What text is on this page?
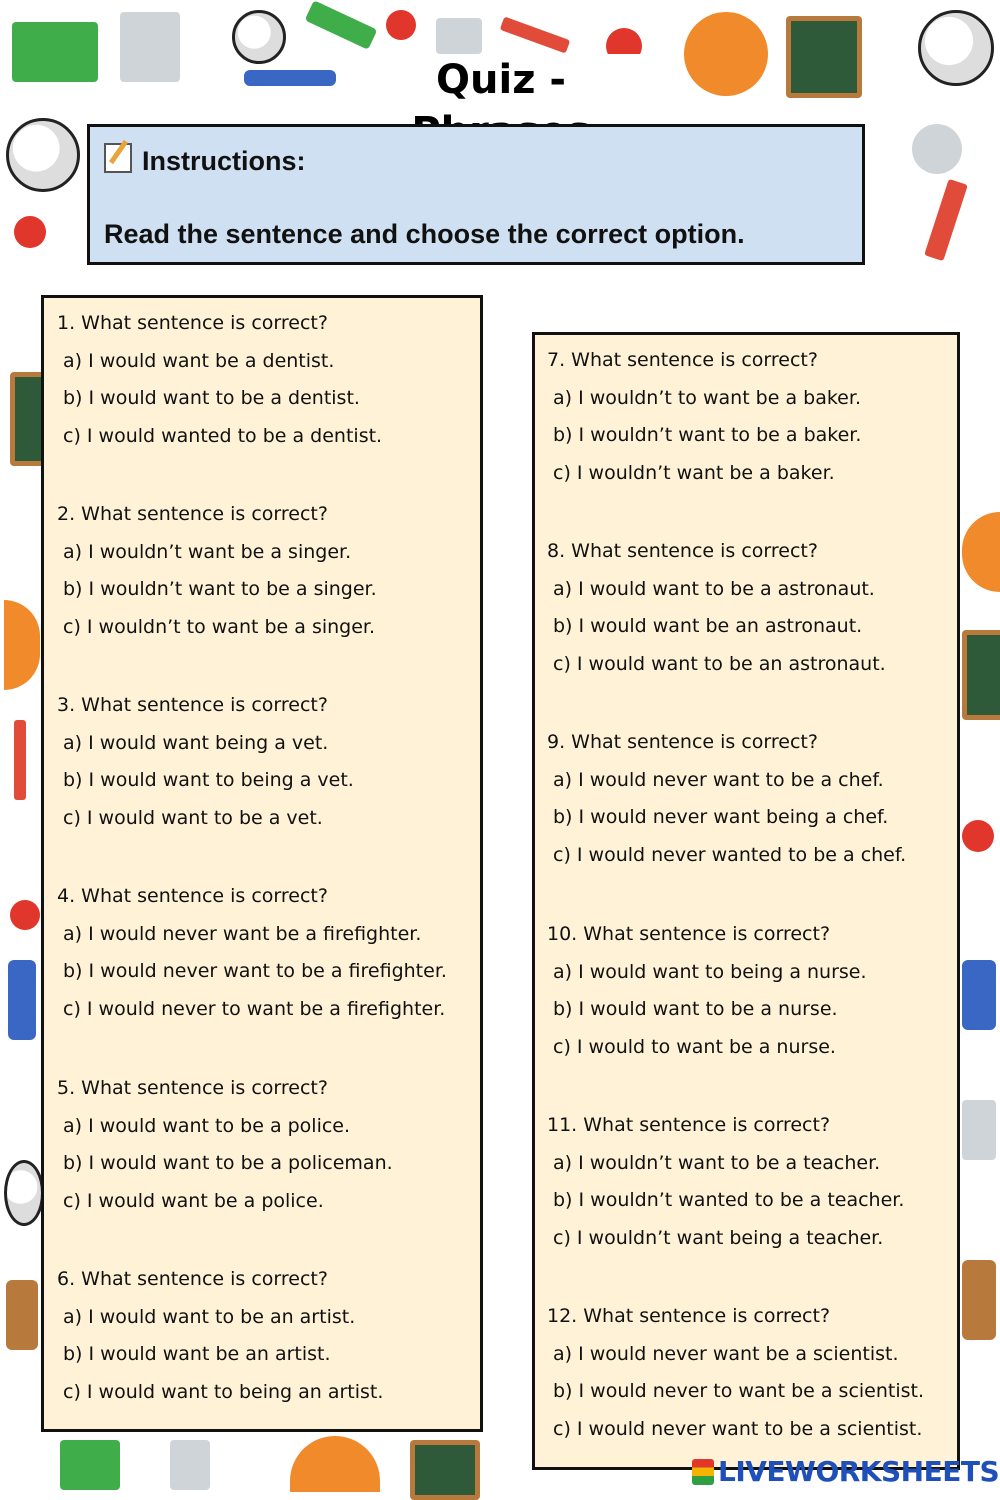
Quiz -
Instructions:
Read the sentence and choose the correct option.
1. What sentence is correct?
a) I would want be a dentist.
b) I would want to be a dentist.
c) I would wanted to be a dentist.
2. What sentence is correct?
a) I wouldn’t want be a singer.
b) I wouldn’t want to be a singer.
c) I wouldn’t to want be a singer.
3. What sentence is correct?
a) I would want being a vet.
b) I would want to being a vet.
c) I would want to be a vet.
4. What sentence is correct?
a) I would never want be a firefighter.
b) I would never want to be a firefighter.
c) I would never to want be a firefighter.
5. What sentence is correct?
a) I would want to be a police.
b) I would want to be a policeman.
c) I would want be a police.
6. What sentence is correct?
a) I would want to be an artist.
b) I would want be an artist.
c) I would want to being an artist.
7. What sentence is correct?
a) I wouldn’t to want be a baker.
b) I wouldn’t want to be a baker.
c) I wouldn’t want be a baker.
8. What sentence is correct?
a) I would want to be a astronaut.
b) I would want be an astronaut.
c) I would want to be an astronaut.
9. What sentence is correct?
a) I would never want to be a chef.
b) I would never want being a chef.
c) I would never wanted to be a chef.
10. What sentence is correct?
a) I would want to being a nurse.
b) I would want to be a nurse.
c) I would to want be a nurse.
11. What sentence is correct?
a) I wouldn’t want to be a teacher.
b) I wouldn’t wanted to be a teacher.
c) I wouldn’t want being a teacher.
12. What sentence is correct?
a) I would never want be a scientist.
b) I would never to want be a scientist.
c) I would never want to be a scientist.
LIVEWORKSHEETS
